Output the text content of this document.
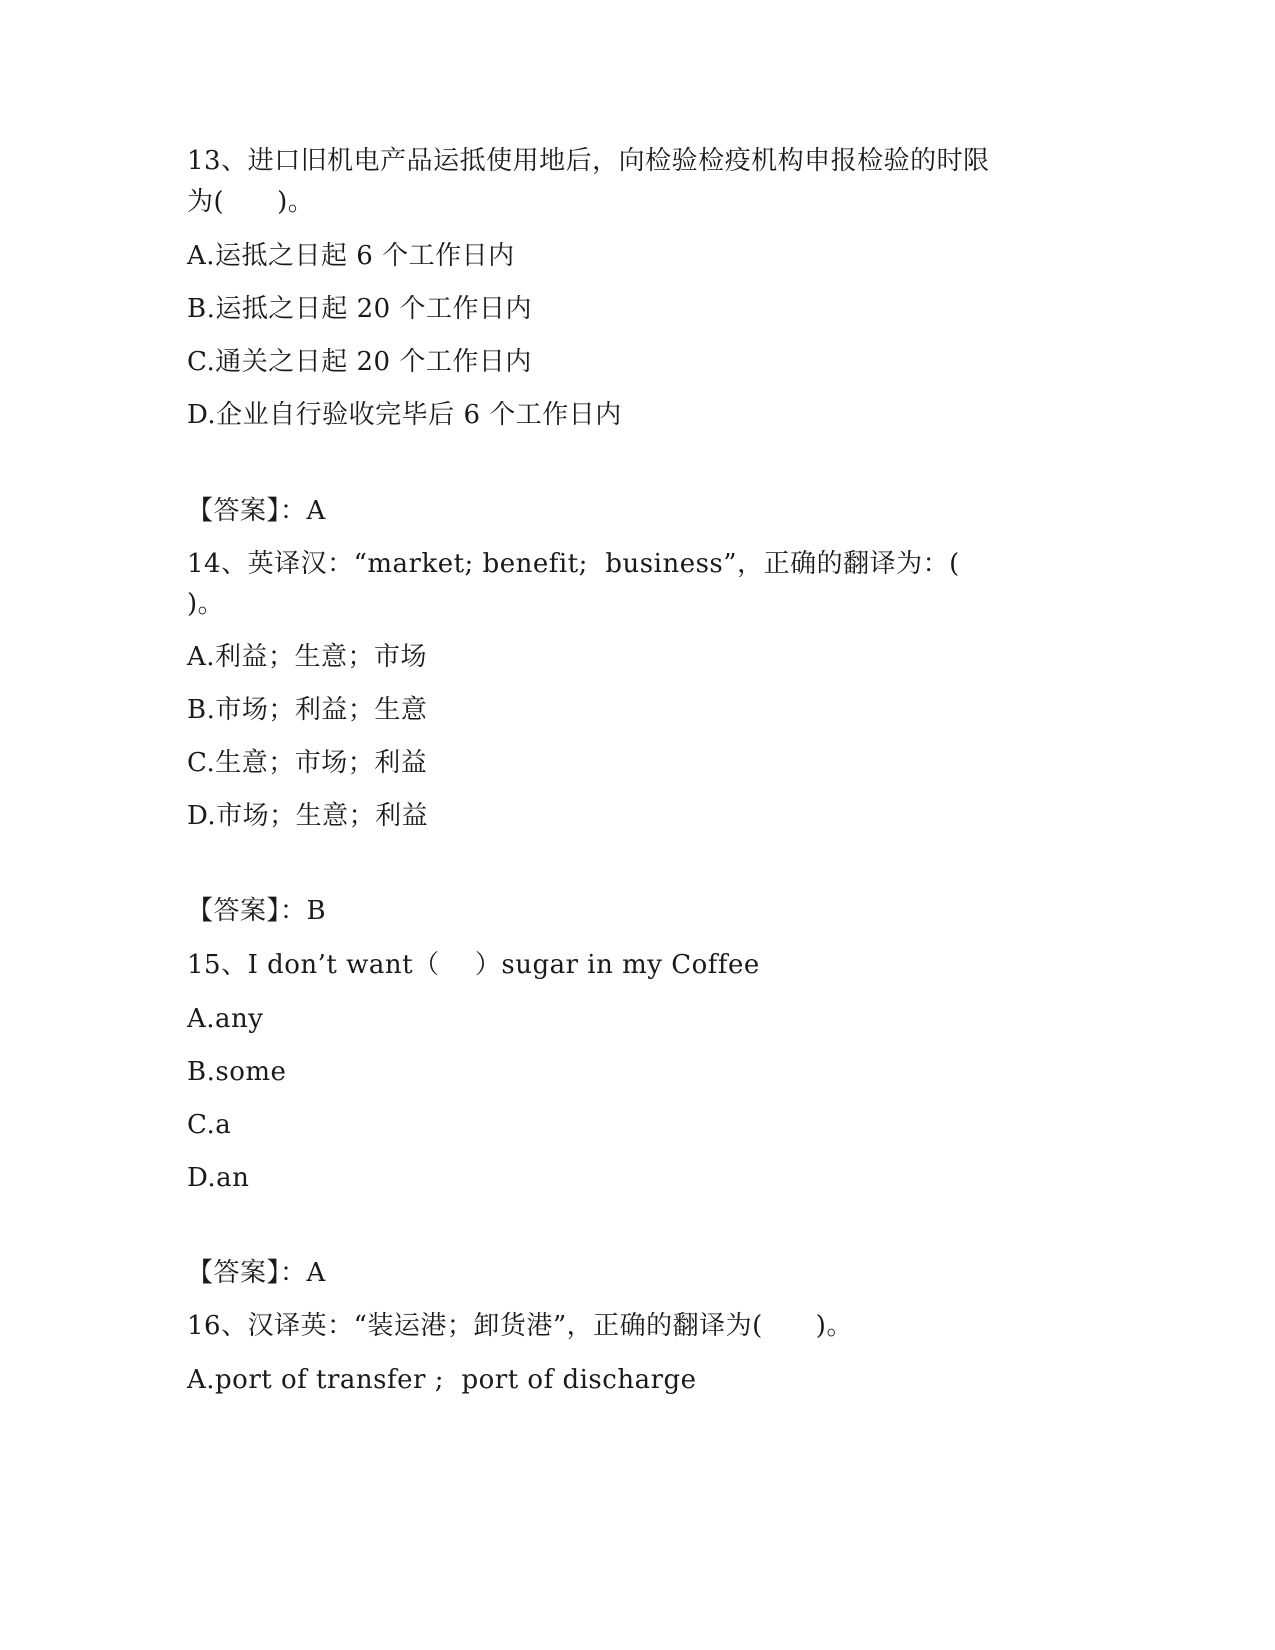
13、进口旧机电产品运抵使用地后，向检验检疫机构申报检验的时限
为(　　)。
A.运抵之日起 6 个工作日内
B.运抵之日起 20 个工作日内
C.通关之日起 20 个工作日内
D.企业自行验收完毕后 6 个工作日内
【答案】：A
14、英译汉：“market; benefit;  business”，正确的翻译为：(
)。
A.利益；生意；市场
B.市场；利益；生意
C.生意；市场；利益
D.市场；生意；利益
【答案】：B
15、I don’t want（　 ）sugar in my Coffee
A.any
B.some
C.a
D.an
【答案】：A
16、汉译英：“装运港；卸货港”，正确的翻译为(　　)。
A.port of transfer ;  port of discharge
